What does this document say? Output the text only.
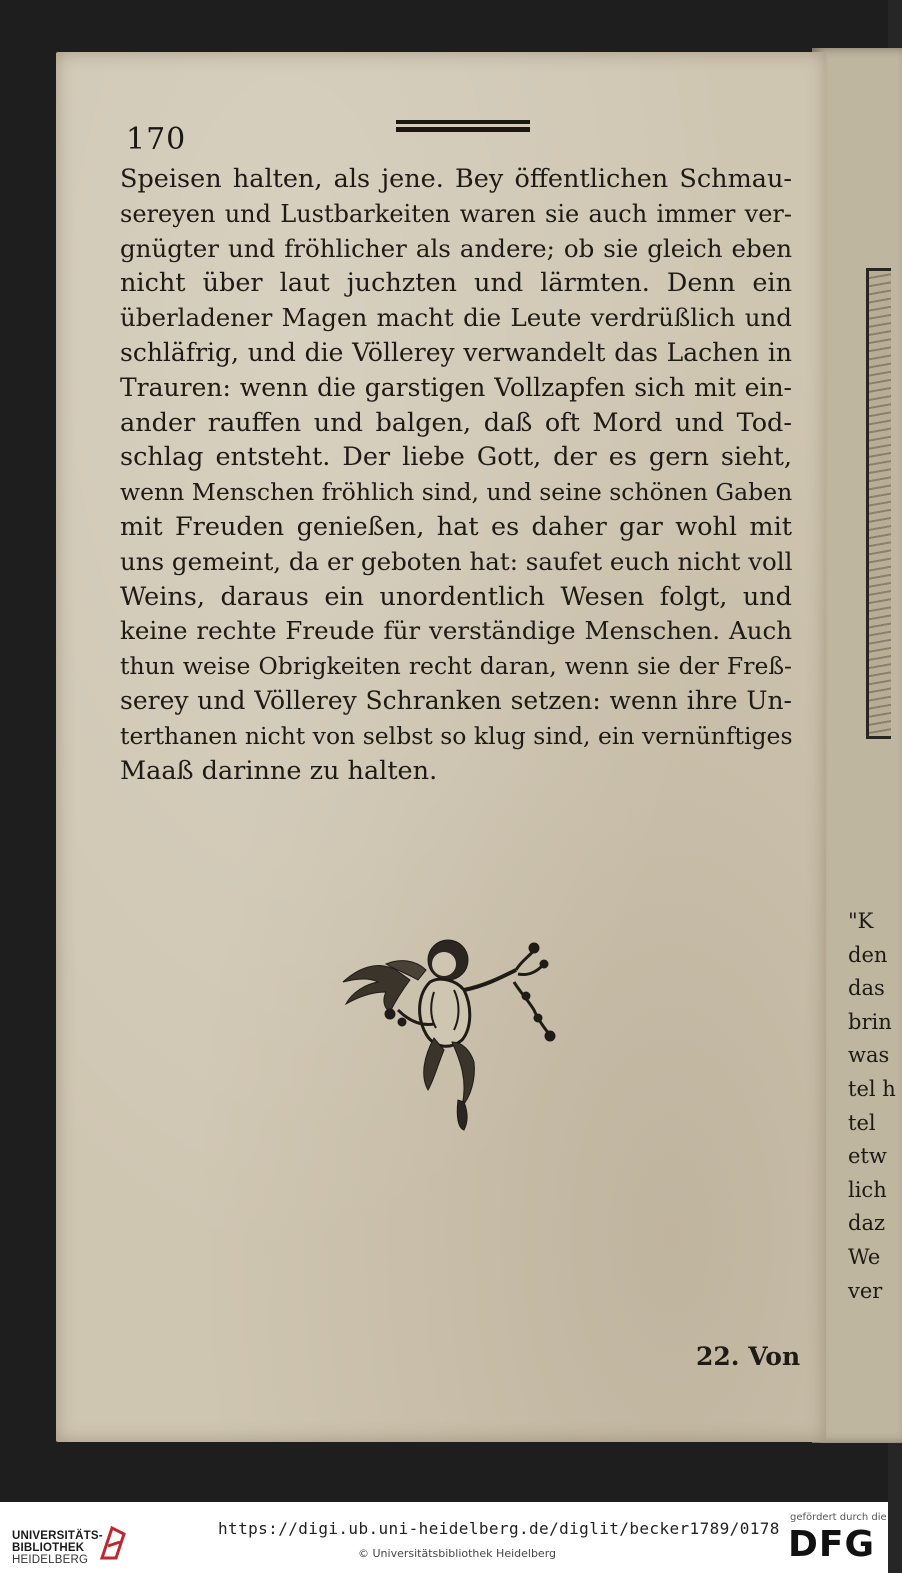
"K
den
das
brin
was
tel h
tel
etw
lich
daz
We
ver
170
Speisen halten, als jene. Bey öffentlichen Schmau-
sereyen und Lustbarkeiten waren sie auch immer ver-
gnügter und fröhlicher als andere; ob sie gleich eben
nicht über laut juchzten und lärmten. Denn ein
überladener Magen macht die Leute verdrüßlich und
schläfrig, und die Völlerey verwandelt das Lachen in
Trauren: wenn die garstigen Vollzapfen sich mit ein-
ander rauffen und balgen, daß oft Mord und Tod-
schlag entsteht. Der liebe Gott, der es gern sieht,
wenn Menschen fröhlich sind, und seine schönen Gaben
mit Freuden genießen, hat es daher gar wohl mit
uns gemeint, da er geboten hat: saufet euch nicht voll
Weins, daraus ein unordentlich Wesen folgt, und
keine rechte Freude für verständige Menschen. Auch
thun weise Obrigkeiten recht daran, wenn sie der Freß-
serey und Völlerey Schranken setzen: wenn ihre Un-
terthanen nicht von selbst so klug sind, ein vernünftiges
Maaß darinne zu halten.
22. Von
UNIVERSITÄTS-
BIBLIOTHEK
HEIDELBERG
https://digi.ub.uni-heidelberg.de/diglit/becker1789/0178
© Universitätsbibliothek Heidelberg
gefördert durch die
DFG
